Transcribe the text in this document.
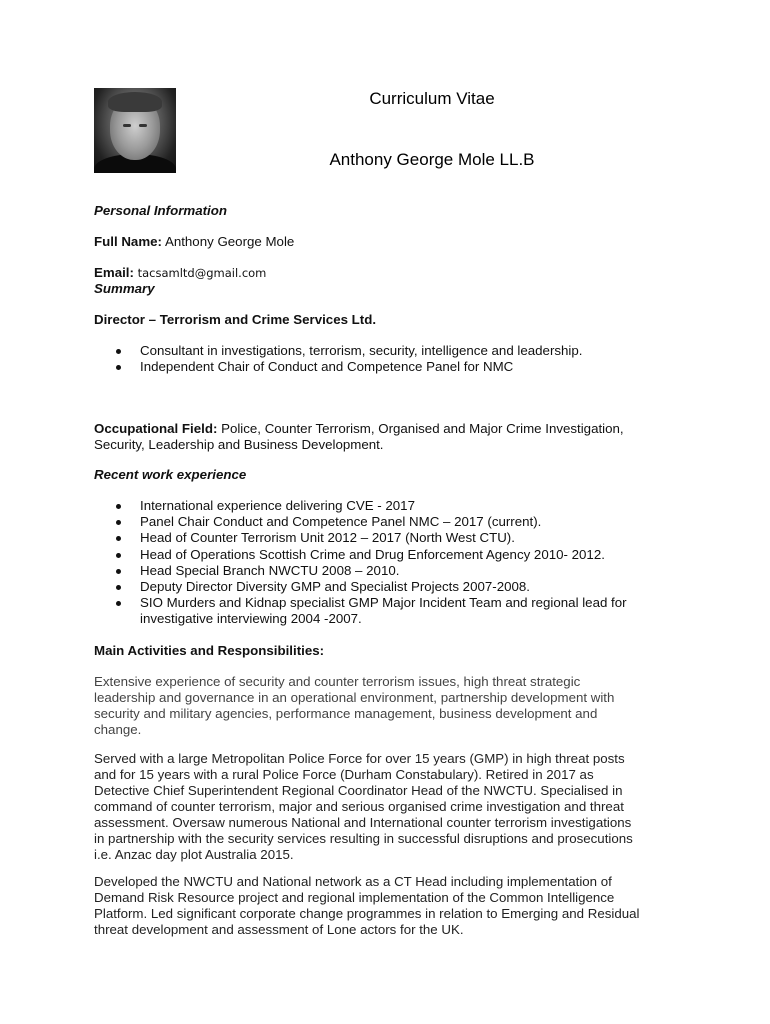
Curriculum Vitae
Anthony George Mole LL.B
Personal Information
Full Name: Anthony George Mole
Email: tacsamltd@gmail.com
Summary
Director – Terrorism and Crime Services Ltd.
Consultant in investigations, terrorism, security, intelligence and leadership.
Independent Chair of Conduct and Competence Panel for NMC
Occupational Field: Police, Counter Terrorism, Organised and Major Crime Investigation,
Security, Leadership and Business Development.
Recent work experience
International experience delivering CVE - 2017
Panel Chair Conduct and Competence Panel NMC – 2017 (current).
Head of Counter Terrorism Unit 2012 – 2017 (North West CTU).
Head of Operations Scottish Crime and Drug Enforcement Agency 2010- 2012.
Head Special Branch NWCTU 2008 – 2010.
Deputy Director Diversity GMP and Specialist Projects 2007-2008.
SIO Murders and Kidnap specialist GMP Major Incident Team and regional lead for investigative interviewing 2004 -2007.
Main Activities and Responsibilities:
Extensive experience of security and counter terrorism issues, high threat strategic
leadership and governance in an operational environment, partnership development with
security and military agencies, performance management, business development and
change.
Served with a large Metropolitan Police Force for over 15 years (GMP) in high threat posts
and for 15 years with a rural Police Force (Durham Constabulary). Retired in 2017 as
Detective Chief Superintendent Regional Coordinator Head of the NWCTU. Specialised in
command of counter terrorism, major and serious organised crime investigation and threat
assessment. Oversaw numerous National and International counter terrorism investigations
in partnership with the security services resulting in successful disruptions and prosecutions
i.e. Anzac day plot Australia 2015.
Developed the NWCTU and National network as a CT Head including implementation of
Demand Risk Resource project and regional implementation of the Common Intelligence
Platform. Led significant corporate change programmes in relation to Emerging and Residual
threat development and assessment of Lone actors for the UK.
